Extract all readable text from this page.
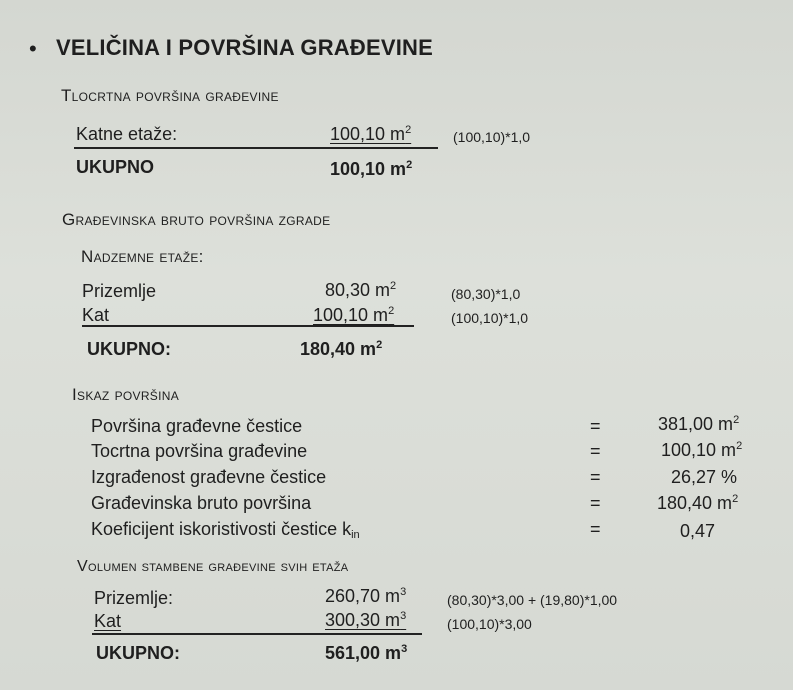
• VELIČINA I POVRŠINA GRAĐEVINE
Tlocrtna površina građevine
Katne etaže:	100,10 $m^2$	(100,10)*1,0
UKUPNO	100,10 $m^2$
Građevinska bruto površina zgrade
Nadzemne etaže:
Prizemlje	80,30 $m^2$	(80,30)*1,0
Kat	100,10 $m^2$	(100,10)*1,0
UKUPNO:	180,40 $m^2$
Iskaz površina
Površina građevne čestice	=	381,00 $m^2$
Tocrtna površina građevine	=	100,10 $m^2$
Izgrađenost građevne čestice	=	26,27 %
Građevinska bruto površina	=	180,40 $m^2$
Koeficijent iskoristivosti čestice $k_{in}$	=	0,47
Volumen stambene građevine svih etaža
Prizemlje:	260,70 $m^3$	(80,30)*3,00 + (19,80)*1,00
Kat	300,30 $m^3$	(100,10)*3,00
UKUPNO:	561,00 $m^3$
